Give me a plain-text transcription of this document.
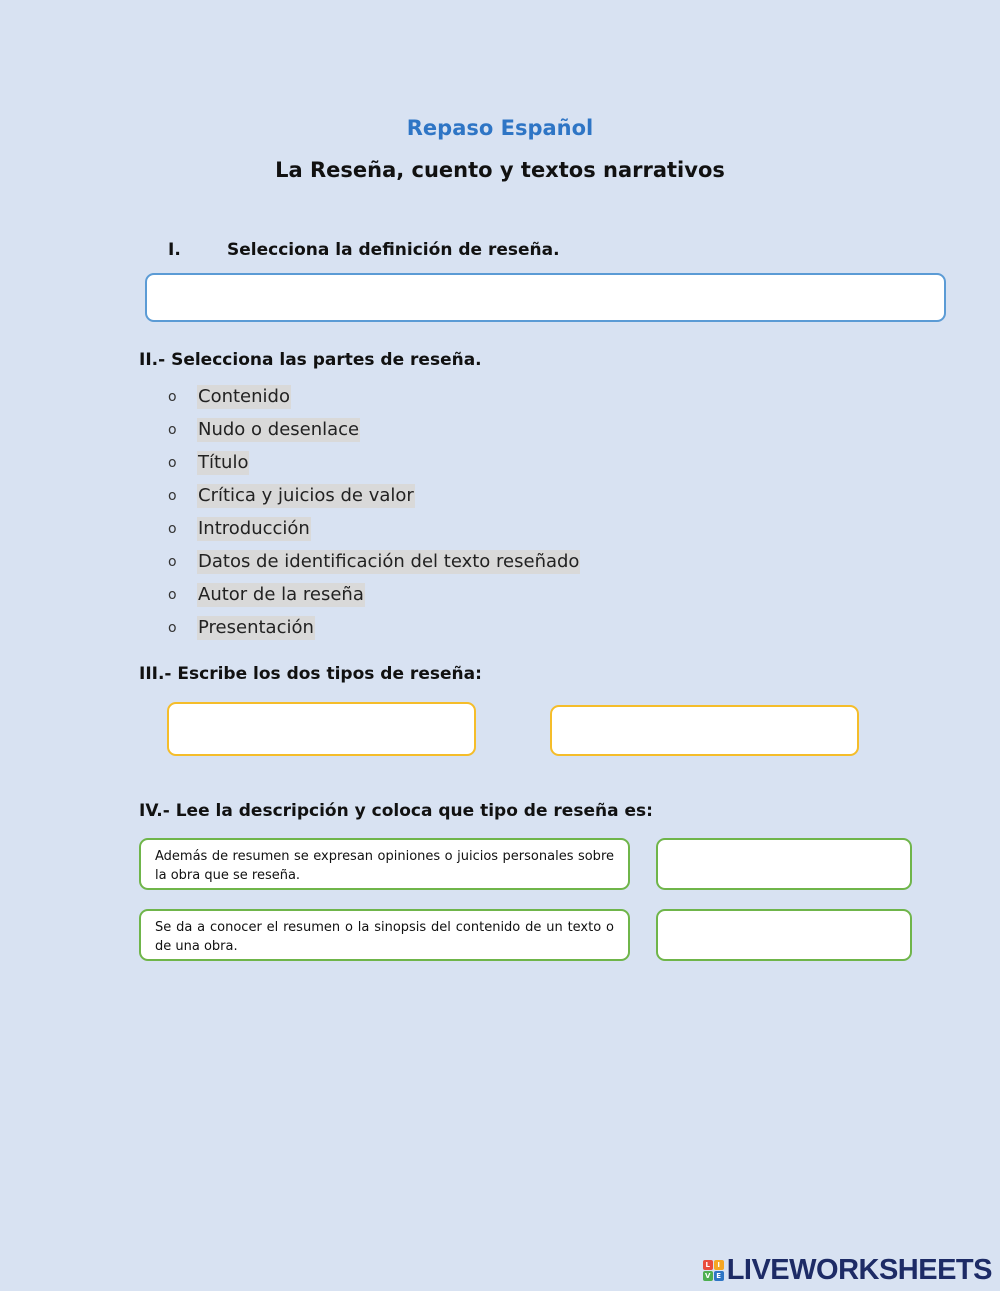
Repaso Español
La Reseña, cuento y textos narrativos
I.	Selecciona la definición de reseña.
II.- Selecciona las partes de reseña.
o	Contenido
o	Nudo o desenlace
o	Título
o	Crítica y juicios de valor
o	Introducción
o	Datos de identificación del texto reseñado
o	Autor de la reseña
o	Presentación
III.- Escribe los dos tipos de reseña:
IV.- Lee la descripción y coloca que tipo de reseña es:
Además de resumen se expresan opiniones o juicios personales sobre la obra que se reseña.
Se da a conocer el resumen o la sinopsis del contenido de un texto o de una obra.
L	I
V E LIVEWORKSHEETS
